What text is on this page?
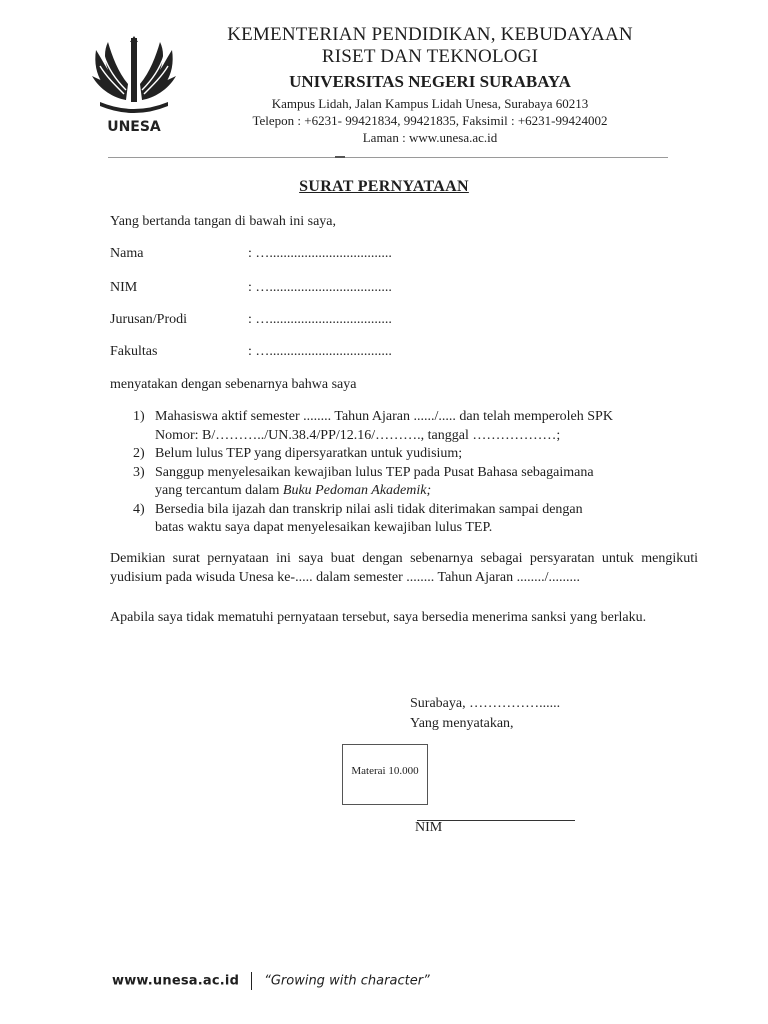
UNESA
KEMENTERIAN PENDIDIKAN, KEBUDAYAAN
RISET DAN TEKNOLOGI
UNIVERSITAS NEGERI SURABAYA
Kampus Lidah, Jalan Kampus Lidah Unesa, Surabaya 60213
Telepon : +6231- 99421834, 99421835, Faksimil : +6231-99424002
Laman : www.unesa.ac.id
SURAT PERNYATAAN
Yang bertanda tangan di bawah ini saya,
Nama	: …...................................
NIM	: …...................................
Jurusan/Prodi	: …...................................
Fakultas	: …...................................
menyatakan dengan sebenarnya bahwa saya
1) Mahasiswa aktif semester ........ Tahun Ajaran ....../..... dan telah memperoleh SPK
Nomor: B/………../UN.38.4/PP/12.16/………., tanggal ………………;
2) Belum lulus TEP yang dipersyaratkan untuk yudisium;
3) Sanggup menyelesaikan kewajiban lulus TEP pada Pusat Bahasa sebagaimana
yang tercantum dalam Buku Pedoman Akademik;
4) Bersedia bila ijazah dan transkrip nilai asli tidak diterimakan sampai dengan
batas waktu saya dapat menyelesaikan kewajiban lulus TEP.
Demikian surat pernyataan ini saya buat dengan sebenarnya sebagai persyaratan untuk mengikuti yudisium pada wisuda Unesa ke-..... dalam semester ........ Tahun Ajaran ......../.........
Apabila saya tidak mematuhi pernyataan tersebut, saya bersedia menerima sanksi yang berlaku.
Surabaya, ……………......
Yang menyatakan,
Materai 10.000
NIM
www.unesa.ac.id “Growing with character”
